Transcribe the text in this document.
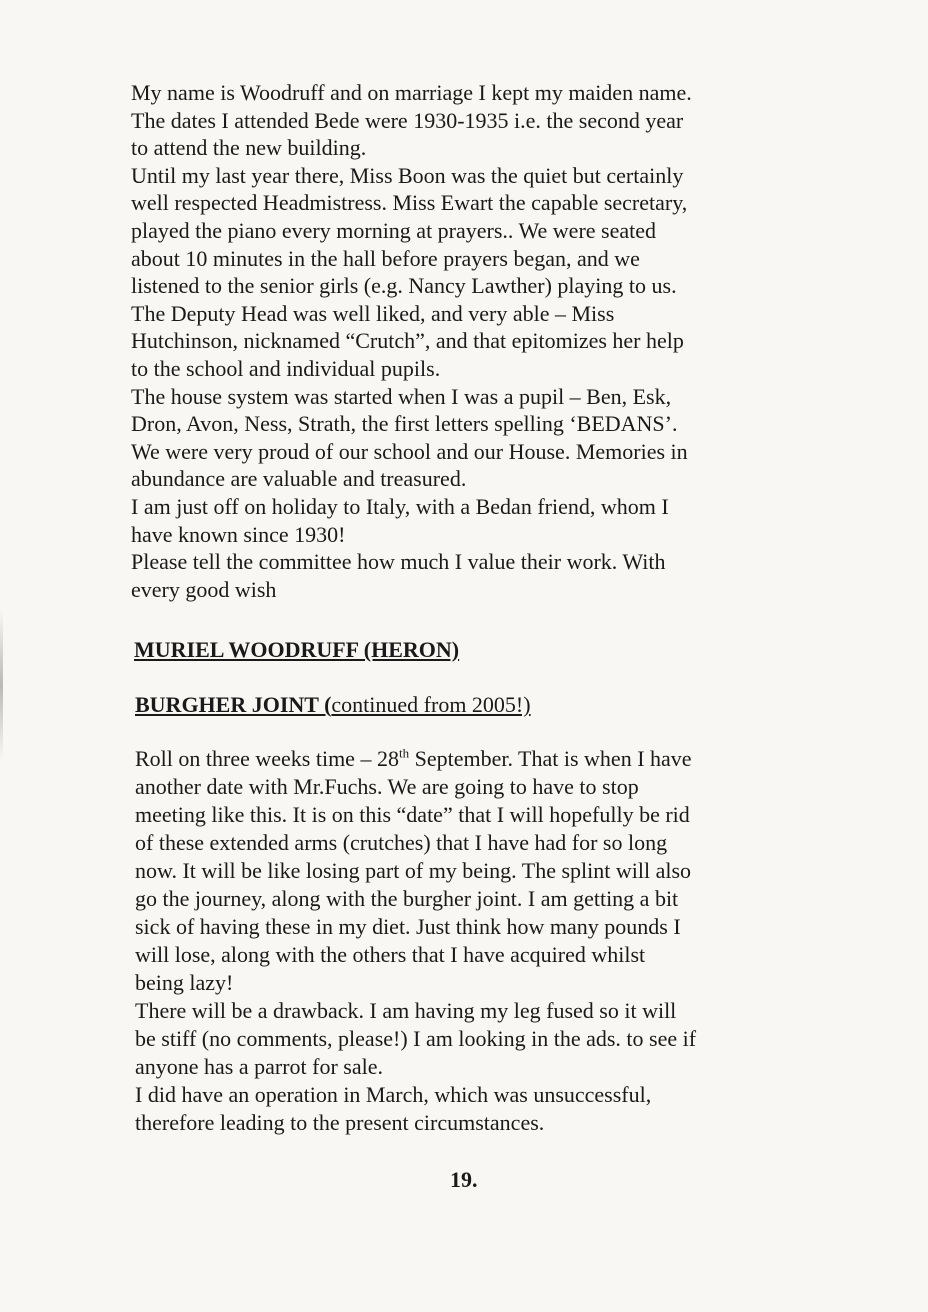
My name is Woodruff and on marriage I kept my maiden name.
The dates I attended Bede were 1930-1935 i.e. the second year
to attend the new building.
Until my last year there, Miss Boon was the quiet but certainly
well respected Headmistress. Miss Ewart the capable secretary,
played the piano every morning at prayers.. We were seated
about 10 minutes in the hall before prayers began, and we
listened to the senior girls (e.g. Nancy Lawther) playing to us.
The Deputy Head was well liked, and very able – Miss
Hutchinson, nicknamed “Crutch”, and that epitomizes her help
to the school and individual pupils.
The house system was started when I was a pupil – Ben, Esk,
Dron, Avon, Ness, Strath, the first letters spelling ‘BEDANS’.
We were very proud of our school and our House. Memories in
abundance are valuable and treasured.
I am just off on holiday to Italy, with a Bedan friend, whom I
have known since 1930!
Please tell the committee how much I value their work. With
every good wish
MURIEL WOODRUFF (HERON)
BURGHER JOINT (continued from 2005!)
Roll on three weeks time – 28th September. That is when I have
another date with Mr.Fuchs. We are going to have to stop
meeting like this. It is on this “date” that I will hopefully be rid
of these extended arms (crutches) that I have had for so long
now. It will be like losing part of my being. The splint will also
go the journey, along with the burgher joint. I am getting a bit
sick of having these in my diet. Just think how many pounds I
will lose, along with the others that I have acquired whilst
being lazy!
There will be a drawback. I am having my leg fused so it will
be stiff (no comments, please!) I am looking in the ads. to see if
anyone has a parrot for sale.
I did have an operation in March, which was unsuccessful,
therefore leading to the present circumstances.
19.
